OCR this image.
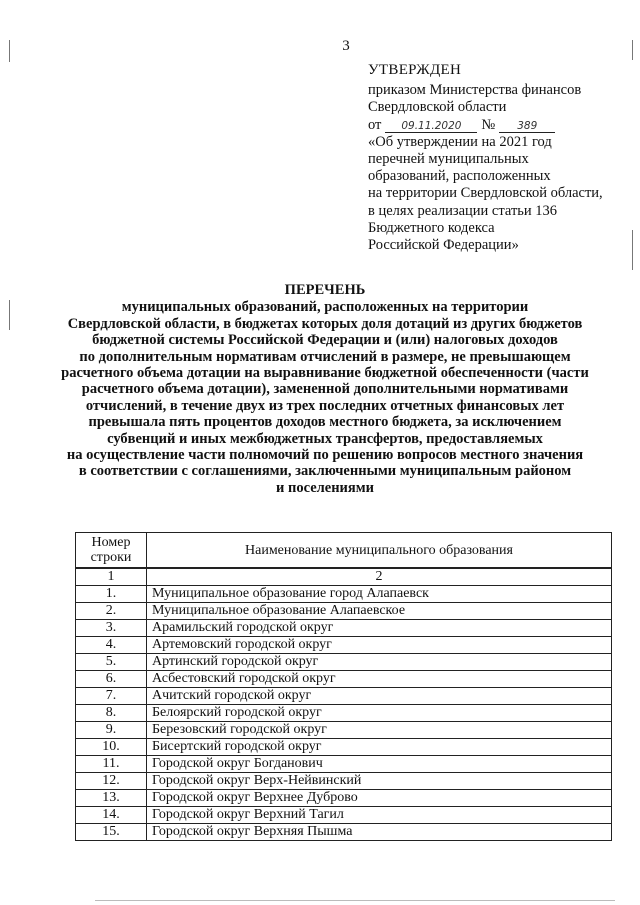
3
УТВЕРЖДЕН
приказом Министерства финансов
Свердловской области
от 09.11.2020 № 389
«Об утверждении на 2021 год
перечней муниципальных
образований, расположенных
на территории Свердловской области,
в целях реализации статьи 136
Бюджетного кодекса
Российской Федерации»
ПЕРЕЧЕНЬ
муниципальных образований, расположенных на территории
Свердловской области, в бюджетах которых доля дотаций из других бюджетов
бюджетной системы Российской Федерации и (или) налоговых доходов
по дополнительным нормативам отчислений в размере, не превышающем
расчетного объема дотации на выравнивание бюджетной обеспеченности (части
расчетного объема дотации), замененной дополнительными нормативами
отчислений, в течение двух из трех последних отчетных финансовых лет
превышала пять процентов доходов местного бюджета, за исключением
субвенций и иных межбюджетных трансфертов, предоставляемых
на осуществление части полномочий по решению вопросов местного значения
в соответствии с соглашениями, заключенными муниципальным районом
и поселениями
Номер строки	Наименование муниципального образования
1	2
1.	Муниципальное образование город Алапаевск
2.	Муниципальное образование Алапаевское
3.	Арамильский городской округ
4.	Артемовский городской округ
5.	Артинский городской округ
6.	Асбестовский городской округ
7.	Ачитский городской округ
8.	Белоярский городской округ
9.	Березовский городской округ
10.	Бисертский городской округ
11.	Городской округ Богданович
12.	Городской округ Верх-Нейвинский
13.	Городской округ Верхнее Дуброво
14.	Городской округ Верхний Тагил
15.	Городской округ Верхняя Пышма
